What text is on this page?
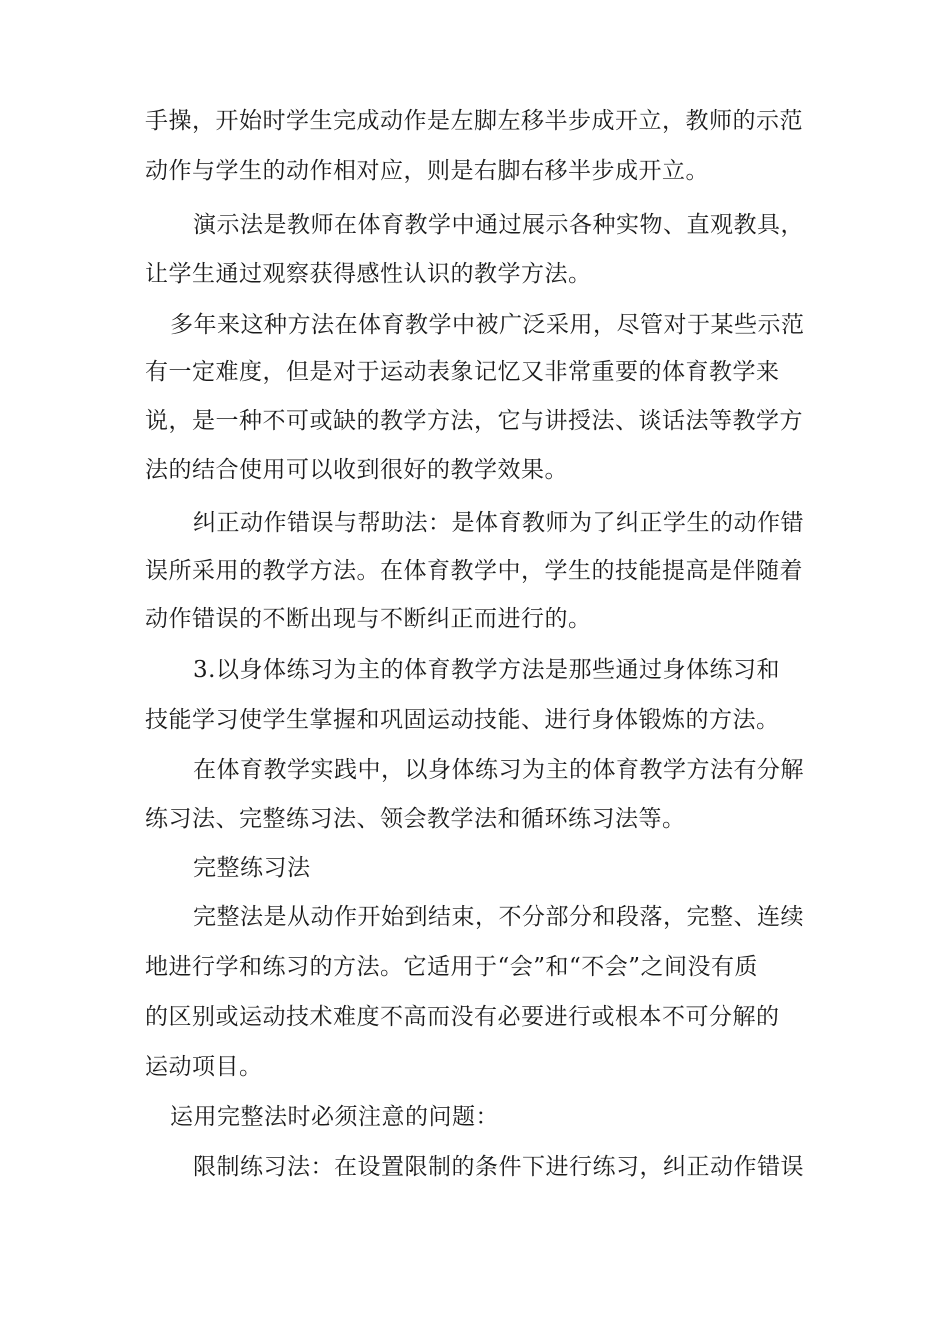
手操，开始时学生完成动作是左脚左移半步成开立，教师的示范
动作与学生的动作相对应，则是右脚右移半步成开立。
演示法是教师在体育教学中通过展示各种实物、直观教具，
让学生通过观察获得感性认识的教学方法。
多年来这种方法在体育教学中被广泛采用，尽管对于某些示范
有一定难度，但是对于运动表象记忆又非常重要的体育教学来
说，是一种不可或缺的教学方法，它与讲授法、谈话法等教学方
法的结合使用可以收到很好的教学效果。
纠正动作错误与帮助法：是体育教师为了纠正学生的动作错
误所采用的教学方法。在体育教学中，学生的技能提高是伴随着
动作错误的不断出现与不断纠正而进行的。
3.以身体练习为主的体育教学方法是那些通过身体练习和
技能学习使学生掌握和巩固运动技能、进行身体锻炼的方法。
在体育教学实践中，以身体练习为主的体育教学方法有分解
练习法、完整练习法、领会教学法和循环练习法等。
完整练习法
完整法是从动作开始到结束，不分部分和段落，完整、连续
地进行学和练习的方法。它适用于“会”和“不会”之间没有质
的区别或运动技术难度不高而没有必要进行或根本不可分解的
运动项目。
运用完整法时必须注意的问题：
限制练习法：在设置限制的条件下进行练习，纠正动作错误
